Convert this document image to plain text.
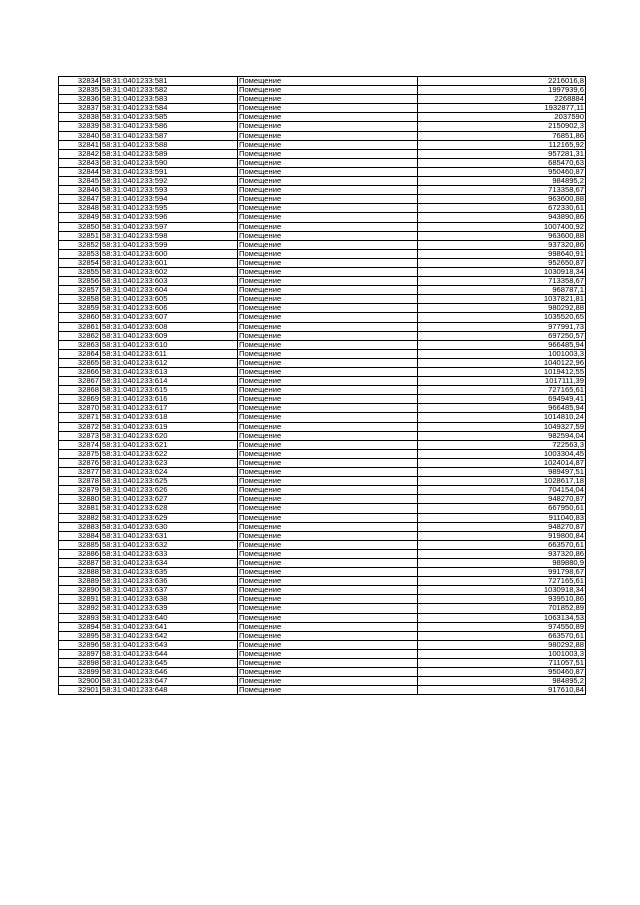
32834	58:31:0401233:581	Помещение	2216016,8
32835	58:31:0401233:582	Помещение	1997939,6
32836	58:31:0401233:583	Помещение	2268884
32837	58:31:0401233:584	Помещение	1932877,11
32838	58:31:0401233:585	Помещение	2037590
32839	58:31:0401233:586	Помещение	2150902,3
32840	58:31:0401233:587	Помещение	76851,86
32841	58:31:0401233:588	Помещение	112165,92
32842	58:31:0401233:589	Помещение	957281,31
32843	58:31:0401233:590	Помещение	685470,63
32844	58:31:0401233:591	Помещение	950460,87
32845	58:31:0401233:592	Помещение	984895,2
32846	58:31:0401233:593	Помещение	713358,67
32847	58:31:0401233:594	Помещение	963600,88
32848	58:31:0401233:595	Помещение	672330,61
32849	58:31:0401233:596	Помещение	943890,86
32850	58:31:0401233:597	Помещение	1007400,92
32851	58:31:0401233:598	Помещение	963600,88
32852	58:31:0401233:599	Помещение	937320,86
32853	58:31:0401233:600	Помещение	998640,91
32854	58:31:0401233:601	Помещение	952650,87
32855	58:31:0401233:602	Помещение	1030918,34
32856	58:31:0401233:603	Помещение	713358,67
32857	58:31:0401233:604	Помещение	968787,1
32858	58:31:0401233:605	Помещение	1037821,81
32859	58:31:0401233:606	Помещение	980292,88
32860	58:31:0401233:607	Помещение	1035520,65
32861	58:31:0401233:608	Помещение	977991,73
32862	58:31:0401233:609	Помещение	697250,57
32863	58:31:0401233:610	Помещение	966485,94
32864	58:31:0401233:611	Помещение	1001003,3
32865	58:31:0401233:612	Помещение	1040122,96
32866	58:31:0401233:613	Помещение	1019412,55
32867	58:31:0401233:614	Помещение	1017111,39
32868	58:31:0401233:615	Помещение	727165,61
32869	58:31:0401233:616	Помещение	694949,41
32870	58:31:0401233:617	Помещение	966485,94
32871	58:31:0401233:618	Помещение	1014810,24
32872	58:31:0401233:619	Помещение	1049327,59
32873	58:31:0401233:620	Помещение	982594,04
32874	58:31:0401233:621	Помещение	722563,3
32875	58:31:0401233:622	Помещение	1003304,45
32876	58:31:0401233:623	Помещение	1024014,87
32877	58:31:0401233:624	Помещение	989497,51
32878	58:31:0401233:625	Помещение	1028617,18
32879	58:31:0401233:626	Помещение	704154,04
32880	58:31:0401233:627	Помещение	948270,87
32881	58:31:0401233:628	Помещение	667950,61
32882	58:31:0401233:629	Помещение	911040,83
32883	58:31:0401233:630	Помещение	948270,87
32884	58:31:0401233:631	Помещение	919800,84
32885	58:31:0401233:632	Помещение	663570,61
32886	58:31:0401233:633	Помещение	937320,86
32887	58:31:0401233:634	Помещение	989880,9
32888	58:31:0401233:635	Помещение	991798,67
32889	58:31:0401233:636	Помещение	727165,61
32890	58:31:0401233:637	Помещение	1030918,34
32891	58:31:0401233:638	Помещение	939510,86
32892	58:31:0401233:639	Помещение	701852,89
32893	58:31:0401233:640	Помещение	1063134,53
32894	58:31:0401233:641	Помещение	974550,89
32895	58:31:0401233:642	Помещение	663570,61
32896	58:31:0401233:643	Помещение	980292,88
32897	58:31:0401233:644	Помещение	1001003,3
32898	58:31:0401233:645	Помещение	711057,51
32899	58:31:0401233:646	Помещение	950460,87
32900	58:31:0401233:647	Помещение	984895,2
32901	58:31:0401233:648	Помещение	917610,84
